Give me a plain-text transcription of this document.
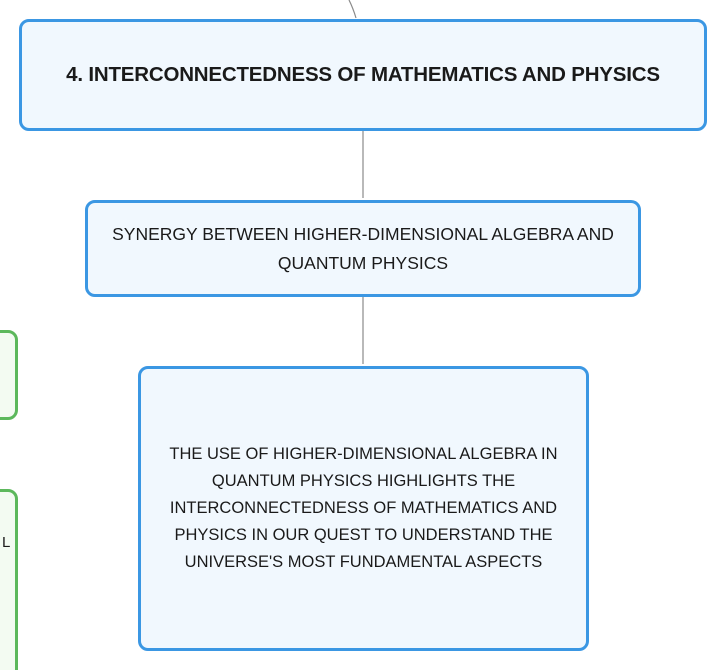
4. INTERCONNECTEDNESS OF MATHEMATICS AND PHYSICS
SYNERGY BETWEEN HIGHER-DIMENSIONAL ALGEBRA AND QUANTUM PHYSICS
THE USE OF HIGHER-DIMENSIONAL ALGEBRA IN QUANTUM PHYSICS HIGHLIGHTS THE INTERCONNECTEDNESS OF MATHEMATICS AND PHYSICS IN OUR QUEST TO UNDERSTAND THE UNIVERSE'S MOST FUNDAMENTAL ASPECTS
L
